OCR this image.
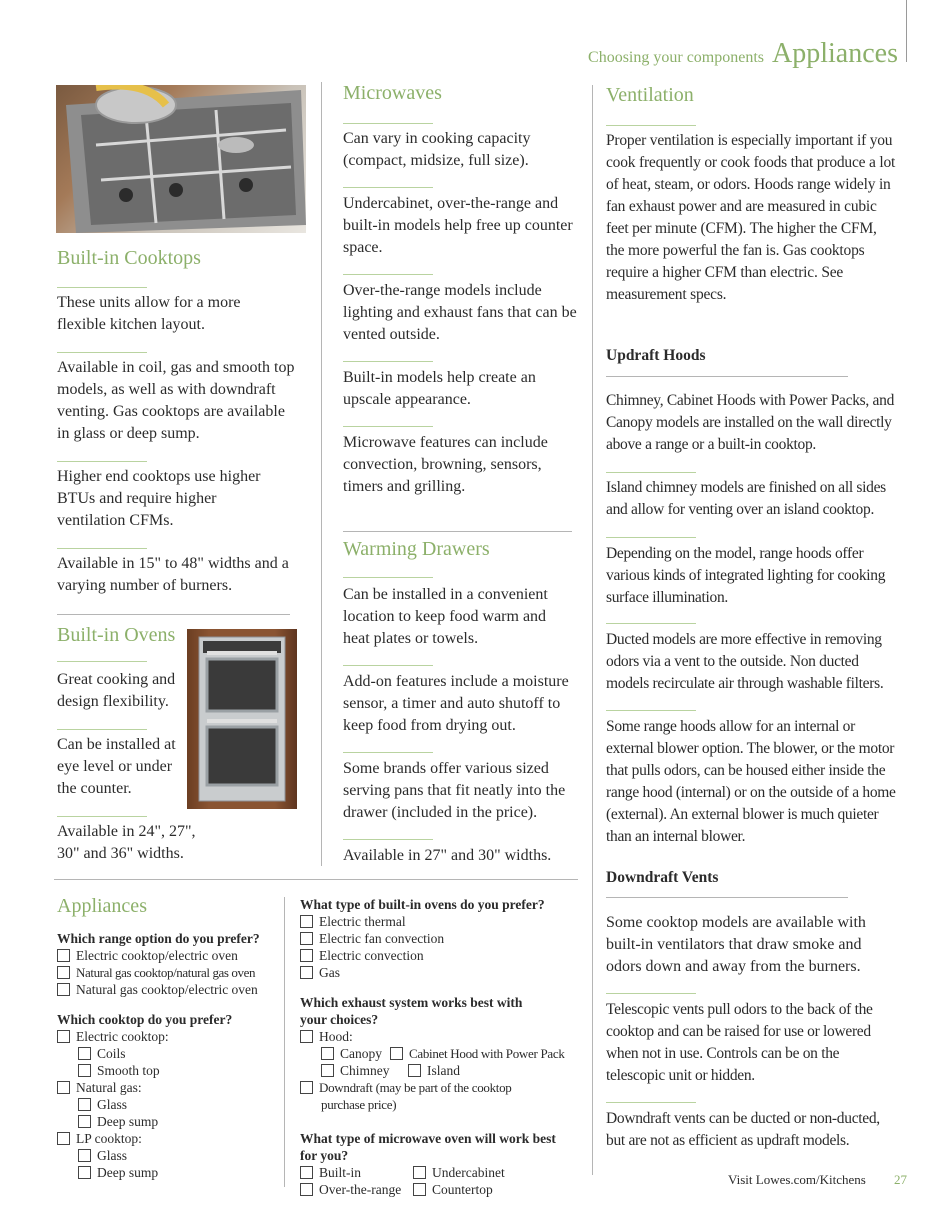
Choosing your components Appliances
Built-in Cooktops
These units allow for a more flexible kitchen layout.
Available in coil, gas and smooth top models, as well as with downdraft venting. Gas cooktops are available in glass or deep sump.
Higher end cooktops use higher BTUs and require higher ventilation CFMs.
Available in 15" to 48" widths and a varying number of burners.
Built-in Ovens
Great cooking and design flexibility.
Can be installed at eye level or under the counter.
Available in 24", 27", 30" and 36" widths.
Microwaves
Can vary in cooking capacity (compact, midsize, full size).
Undercabinet, over-the-range and built-in models help free up counter space.
Over-the-range models include lighting and exhaust fans that can be vented outside.
Built-in models help create an upscale appearance.
Microwave features can include convection, browning, sensors, timers and grilling.
Warming Drawers
Can be installed in a convenient location to keep food warm and heat plates or towels.
Add-on features include a moisture sensor, a timer and auto shutoff to keep food from drying out.
Some brands offer various sized serving pans that fit neatly into the drawer (included in the price).
Available in 27" and 30" widths.
Ventilation
Proper ventilation is especially important if you cook frequently or cook foods that produce a lot of heat, steam, or odors. Hoods range widely in fan exhaust power and are measured in cubic feet per minute (CFM). The higher the CFM, the more powerful the fan is. Gas cooktops require a higher CFM than electric. See measurement specs.
Updraft Hoods
Chimney, Cabinet Hoods with Power Packs, and Canopy models are installed on the wall directly above a range or a built-in cooktop.
Island chimney models are finished on all sides and allow for venting over an island cooktop.
Depending on the model, range hoods offer various kinds of integrated lighting for cooking surface illumination.
Ducted models are more effective in removing odors via a vent to the outside. Non ducted models recirculate air through washable filters.
Some range hoods allow for an internal or external blower option. The blower, or the motor that pulls odors, can be housed either inside the range hood (internal) or on the outside of a home (external). An external blower is much quieter than an internal blower.
Downdraft Vents
Some cooktop models are available with built-in ventilators that draw smoke and odors down and away from the burners.
Telescopic vents pull odors to the back of the cooktop and can be raised for use or lowered when not in use. Controls can be on the telescopic unit or hidden.
Downdraft vents can be ducted or non-ducted, but are not as efficient as updraft models.
Appliances
Which range option do you prefer?
Electric cooktop/electric oven
Natural gas cooktop/natural gas oven
Natural gas cooktop/electric oven
Which cooktop do you prefer?
Electric cooktop:
Coils
Smooth top
Natural gas:
Glass
Deep sump
LP cooktop:
Glass
Deep sump
What type of built-in ovens do you prefer?
Electric thermal
Electric fan convection
Electric convection
Gas
Which exhaust system works best with
your choices?
Hood:
Canopy	Cabinet Hood with Power Pack
Chimney	Island
Downdraft (may be part of the cooktop
purchase price)
What type of microwave oven will work best
for you?
Built-in	Undercabinet
Over-the-range	Countertop
Visit Lowes.com/Kitchens 27
